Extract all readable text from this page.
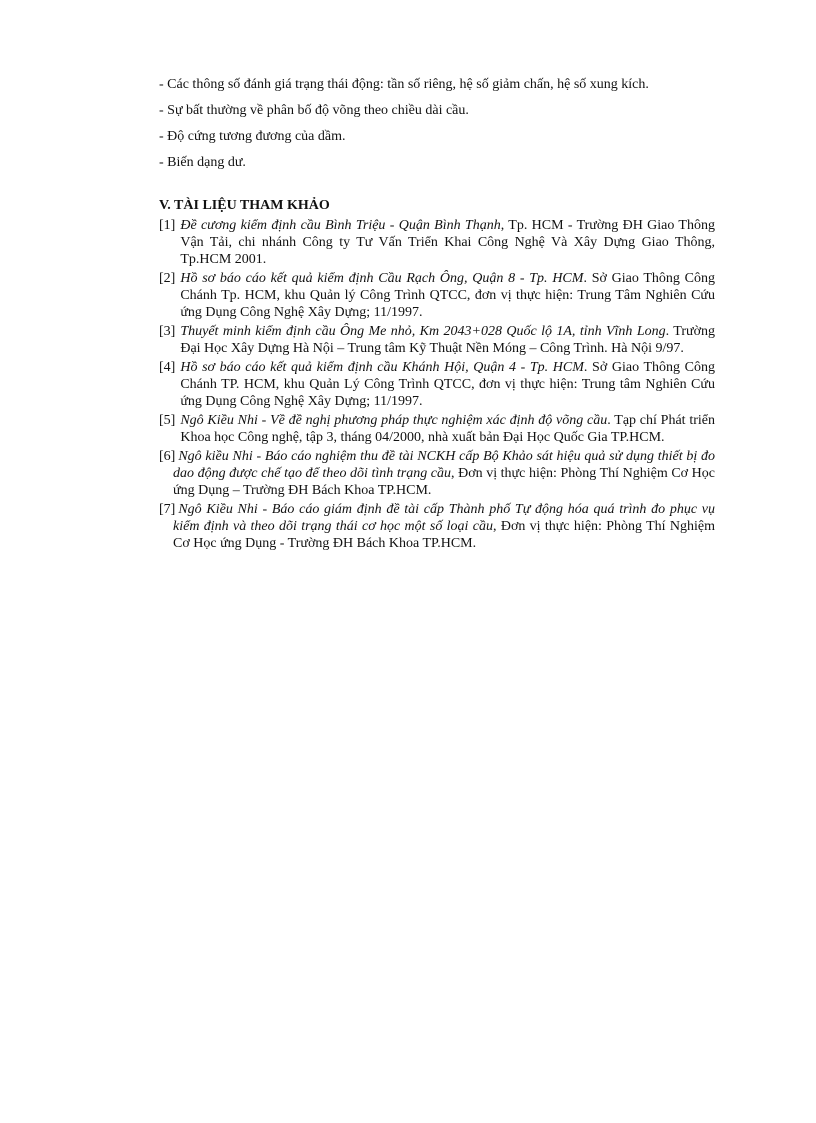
- Các thông số đánh giá trạng thái động: tần số riêng, hệ số giảm chấn, hệ số xung kích.

- Sự bất thường về phân bố độ võng theo chiều dài cầu.

- Độ cứng tương đương của dầm.

- Biến dạng dư.

V. TÀI LIỆU THAM KHẢO
[1] Đề cương kiểm định cầu Bình Triệu - Quận Bình Thạnh, Tp. HCM - Trường ĐH Giao Thông Vận Tải, chi nhánh Công ty Tư Vấn Triển Khai Công Nghệ Và Xây Dựng Giao Thông, Tp.HCM 2001.
[2] Hồ sơ báo cáo kết quả kiểm định Cầu Rạch Ông, Quận 8 - Tp. HCM. Sở Giao Thông Công Chánh Tp. HCM, khu Quản lý Công Trình QTCC, đơn vị thực hiện: Trung Tâm Nghiên Cứu ứng Dụng Công Nghệ Xây Dựng; 11/1997.
[3] Thuyết minh kiểm định cầu Ông Me nhỏ, Km 2043+028 Quốc lộ 1A, tỉnh Vĩnh Long. Trường Đại Học Xây Dựng Hà Nội – Trung tâm Kỹ Thuật Nền Móng – Công Trình. Hà Nội 9/97.
[4] Hồ sơ báo cáo kết quả kiểm định cầu Khánh Hội, Quận 4 - Tp. HCM. Sở Giao Thông Công Chánh TP. HCM, khu Quản Lý Công Trình QTCC, đơn vị thực hiện: Trung tâm Nghiên Cứu ứng Dụng Công Nghệ Xây Dựng; 11/1997.
[5] Ngô Kiều Nhi - Về đề nghị phương pháp thực nghiệm xác định độ võng cầu. Tạp chí Phát triển Khoa học Công nghệ, tập 3, tháng 04/2000, nhà xuất bản Đại Học Quốc Gia TP.HCM.
[6] Ngô kiều Nhi - Báo cáo nghiệm thu đề tài NCKH cấp Bộ Khảo sát hiệu quả sử dụng thiết bị đo dao động được chế tạo để theo dõi tình trạng cầu, Đơn vị thực hiện: Phòng Thí Nghiệm Cơ Học ứng Dụng – Trường ĐH Bách Khoa TP.HCM.
[7] Ngô Kiều Nhi - Báo cáo giám định đề tài cấp Thành phố Tự động hóa quá trình đo phục vụ kiểm định và theo dõi trạng thái cơ học một số loại cầu, Đơn vị thực hiện: Phòng Thí Nghiệm Cơ Học ứng Dụng - Trường ĐH Bách Khoa TP.HCM.
